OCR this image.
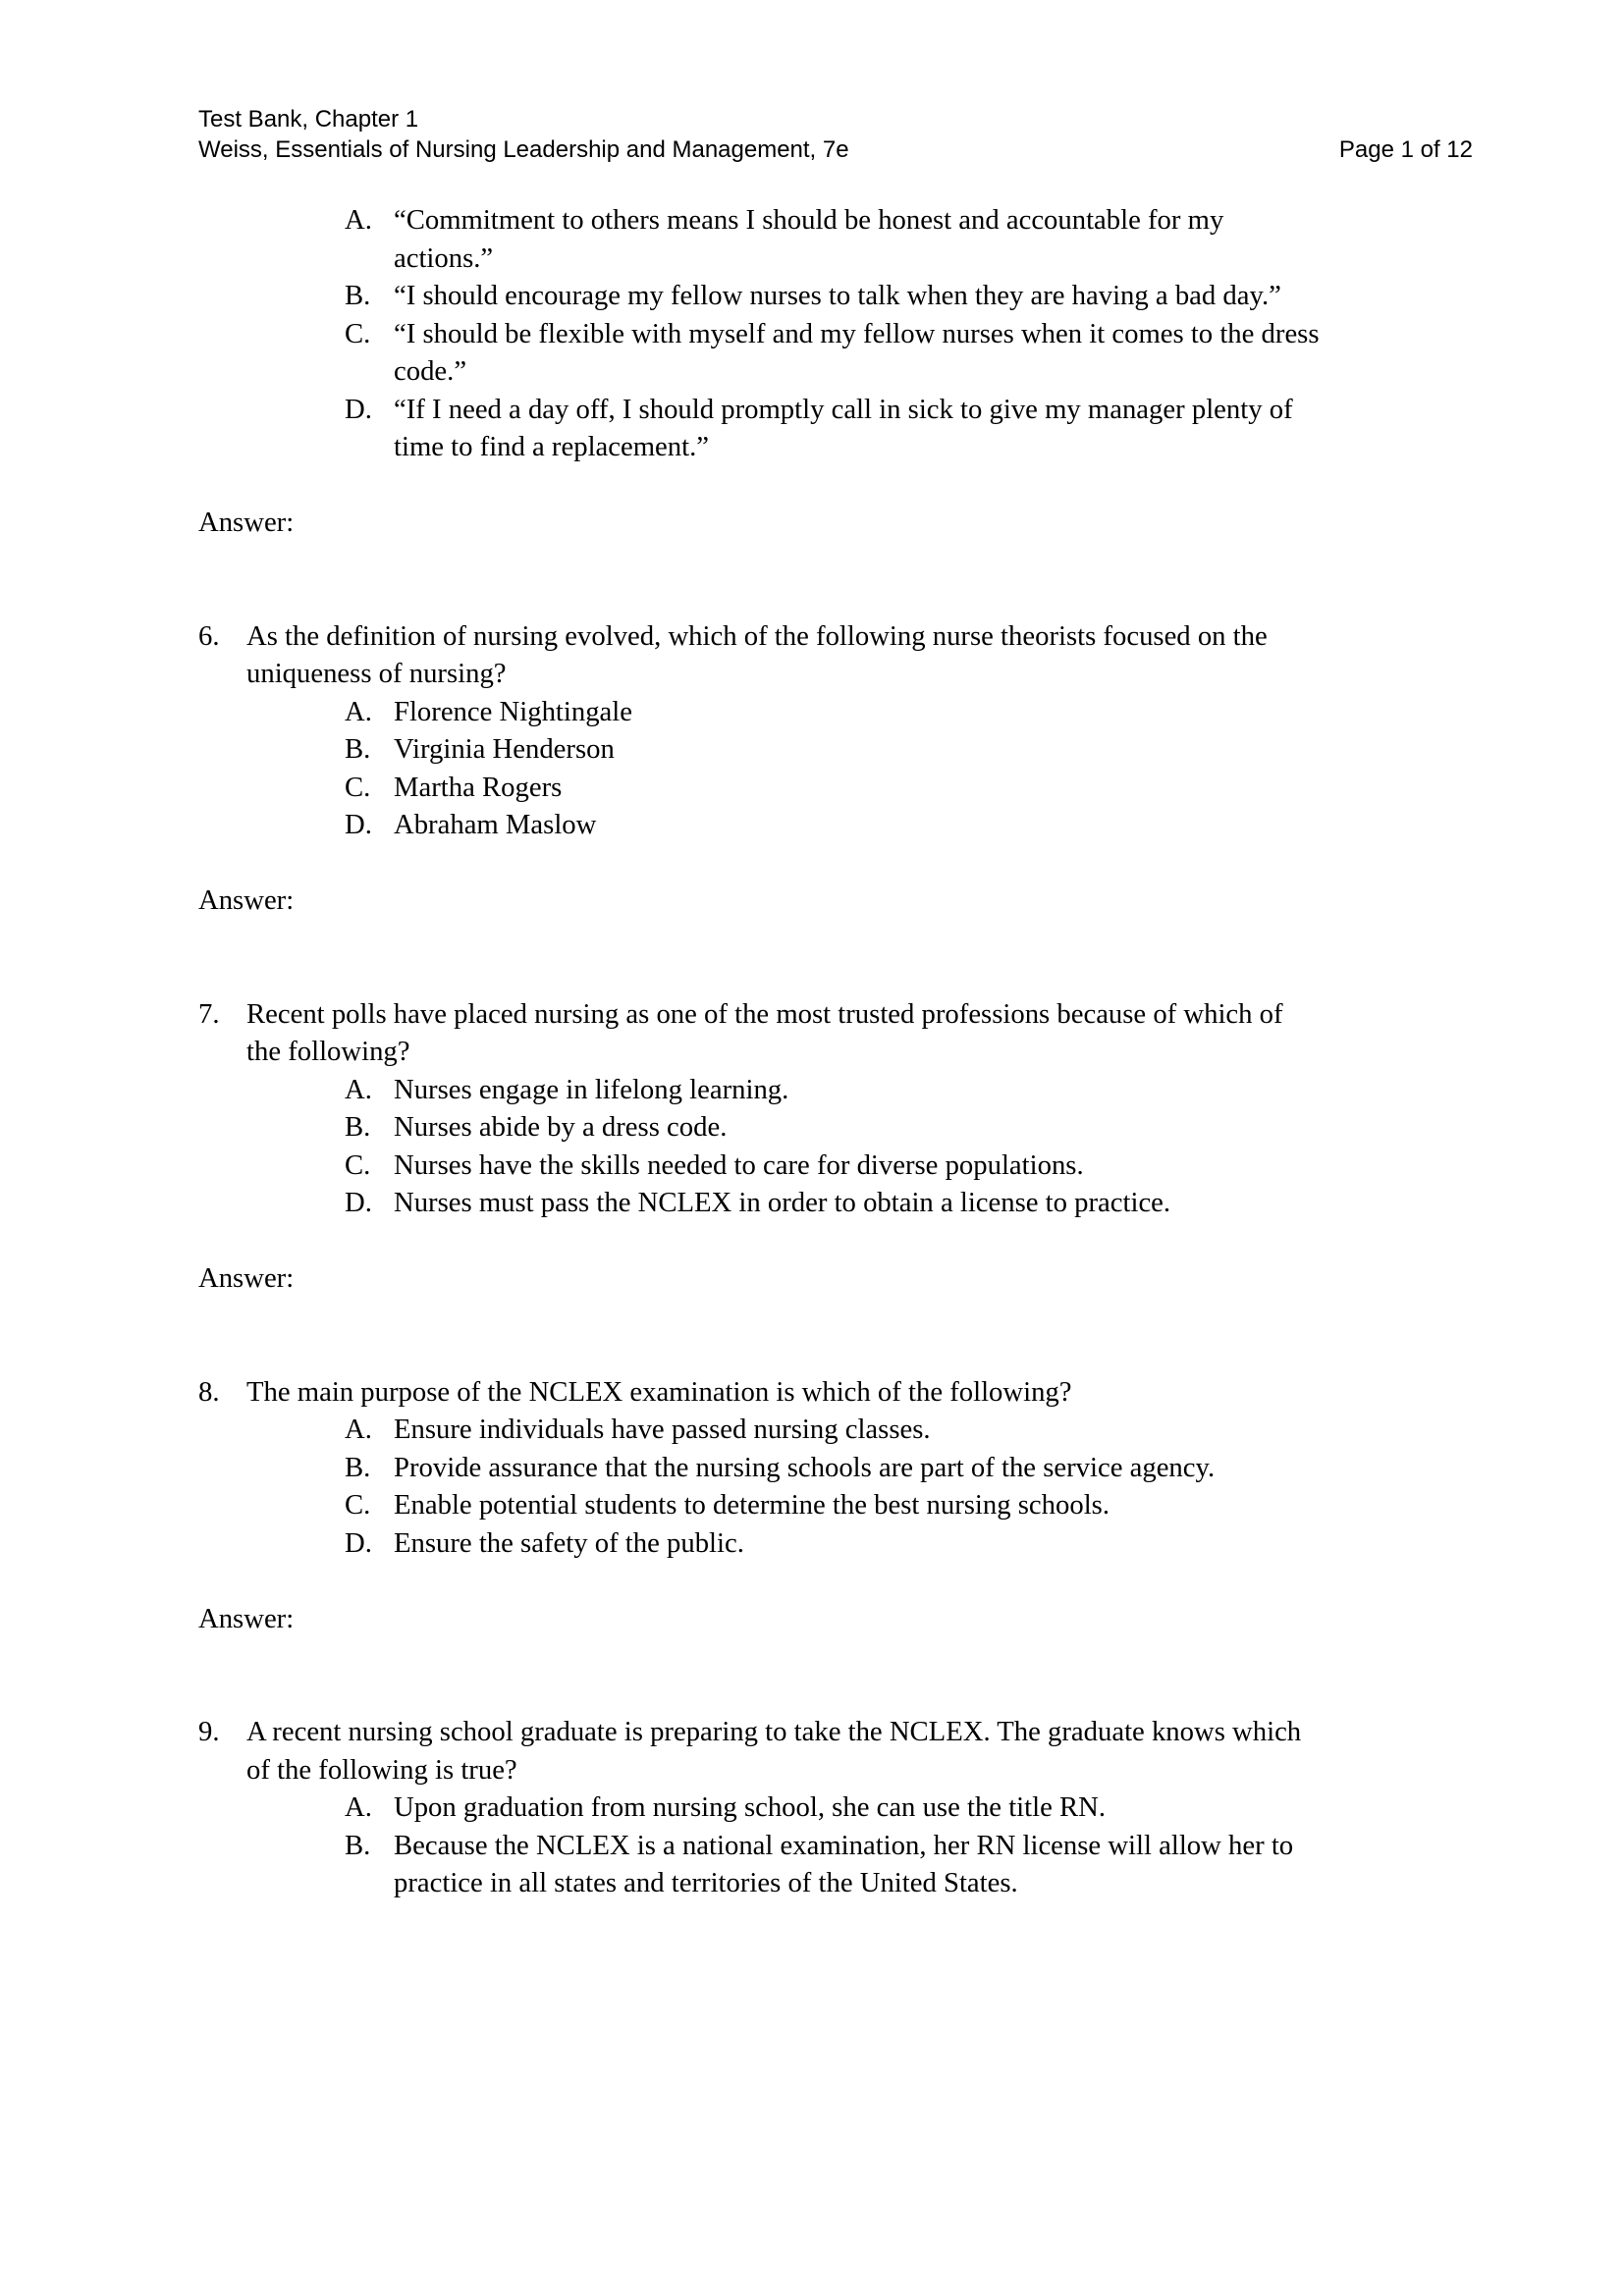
Test Bank, Chapter 1
Weiss, Essentials of Nursing Leadership and Management, 7e	Page 1 of 12
A. “Commitment to others means I should be honest and accountable for my
actions.”
B. “I should encourage my fellow nurses to talk when they are having a bad day.”
C. “I should be flexible with myself and my fellow nurses when it comes to the dress
code.”
D. “If I need a day off, I should promptly call in sick to give my manager plenty of
time to find a replacement.”
Answer:
6. As the definition of nursing evolved, which of the following nurse theorists focused on the
uniqueness of nursing?
A. Florence Nightingale
B. Virginia Henderson
C. Martha Rogers
D. Abraham Maslow
Answer:
7. Recent polls have placed nursing as one of the most trusted professions because of which of
the following?
A. Nurses engage in lifelong learning.
B. Nurses abide by a dress code.
C. Nurses have the skills needed to care for diverse populations.
D. Nurses must pass the NCLEX in order to obtain a license to practice.
Answer:
8. The main purpose of the NCLEX examination is which of the following?
A. Ensure individuals have passed nursing classes.
B. Provide assurance that the nursing schools are part of the service agency.
C. Enable potential students to determine the best nursing schools.
D. Ensure the safety of the public.
Answer:
9. A recent nursing school graduate is preparing to take the NCLEX. The graduate knows which
of the following is true?
A. Upon graduation from nursing school, she can use the title RN.
B. Because the NCLEX is a national examination, her RN license will allow her to
practice in all states and territories of the United States.
